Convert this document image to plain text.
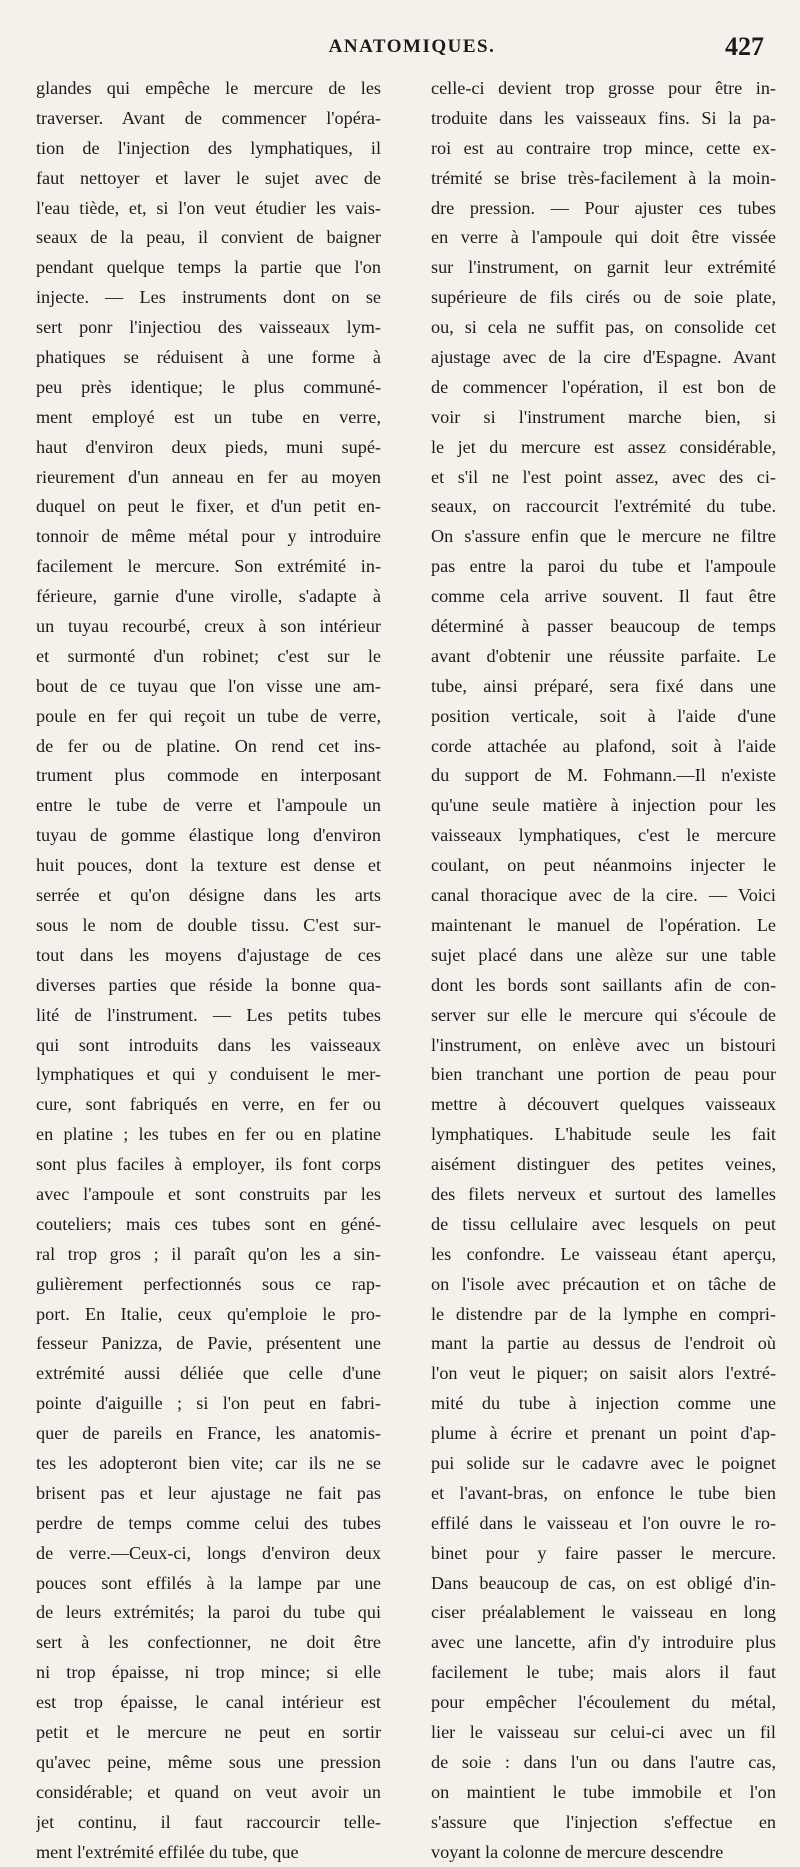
ANATOMIQUES.	427
glandes qui empêche le mercure de les
traverser. Avant de commencer l'opéra-
tion de l'injection des lymphatiques, il
faut nettoyer et laver le sujet avec de
l'eau tiède, et, si l'on veut étudier les vais-
seaux de la peau, il convient de baigner
pendant quelque temps la partie que l'on
injecte. — Les instruments dont on se
sert ponr l'injectiou des vaisseaux lym-
phatiques se réduisent à une forme à
peu près identique; le plus communé-
ment employé est un tube en verre,
haut d'environ deux pieds, muni supé-
rieurement d'un anneau en fer au moyen
duquel on peut le fixer, et d'un petit en-
tonnoir de même métal pour y introduire
facilement le mercure. Son extrémité in-
férieure, garnie d'une virolle, s'adapte à
un tuyau recourbé, creux à son intérieur
et surmonté d'un robinet; c'est sur le
bout de ce tuyau que l'on visse une am-
poule en fer qui reçoit un tube de verre,
de fer ou de platine. On rend cet ins-
trument plus commode en interposant
entre le tube de verre et l'ampoule un
tuyau de gomme élastique long d'environ
huit pouces, dont la texture est dense et
serrée et qu'on désigne dans les arts
sous le nom de double tissu. C'est sur-
tout dans les moyens d'ajustage de ces
diverses parties que réside la bonne qua-
lité de l'instrument. — Les petits tubes
qui sont introduits dans les vaisseaux
lymphatiques et qui y conduisent le mer-
cure, sont fabriqués en verre, en fer ou
en platine ; les tubes en fer ou en platine
sont plus faciles à employer, ils font corps
avec l'ampoule et sont construits par les
couteliers; mais ces tubes sont en géné-
ral trop gros ; il paraît qu'on les a sin-
gulièrement perfectionnés sous ce rap-
port. En Italie, ceux qu'emploie le pro-
fesseur Panizza, de Pavie, présentent une
extrémité aussi déliée que celle d'une
pointe d'aiguille ; si l'on peut en fabri-
quer de pareils en France, les anatomis-
tes les adopteront bien vite; car ils ne se
brisent pas et leur ajustage ne fait pas
perdre de temps comme celui des tubes
de verre.—Ceux-ci, longs d'environ deux
pouces sont effilés à la lampe par une
de leurs extrémités; la paroi du tube qui
sert à les confectionner, ne doit être
ni trop épaisse, ni trop mince; si elle
est trop épaisse, le canal intérieur est
petit et le mercure ne peut en sortir
qu'avec peine, même sous une pression
considérable; et quand on veut avoir un
jet continu, il faut raccourcir telle-
ment l'extrémité effilée du tube, que
celle-ci devient trop grosse pour être in-
troduite dans les vaisseaux fins. Si la pa-
roi est au contraire trop mince, cette ex-
trémité se brise très-facilement à la moin-
dre pression. — Pour ajuster ces tubes
en verre à l'ampoule qui doit être vissée
sur l'instrument, on garnit leur extrémité
supérieure de fils cirés ou de soie plate,
ou, si cela ne suffit pas, on consolide cet
ajustage avec de la cire d'Espagne. Avant
de commencer l'opération, il est bon de
voir si l'instrument marche bien, si
le jet du mercure est assez considérable,
et s'il ne l'est point assez, avec des ci-
seaux, on raccourcit l'extrémité du tube.
On s'assure enfin que le mercure ne filtre
pas entre la paroi du tube et l'ampoule
comme cela arrive souvent. Il faut être
déterminé à passer beaucoup de temps
avant d'obtenir une réussite parfaite. Le
tube, ainsi préparé, sera fixé dans une
position verticale, soit à l'aide d'une
corde attachée au plafond, soit à l'aide
du support de M. Fohmann.—Il n'existe
qu'une seule matière à injection pour les
vaisseaux lymphatiques, c'est le mercure
coulant, on peut néanmoins injecter le
canal thoracique avec de la cire. — Voici
maintenant le manuel de l'opération. Le
sujet placé dans une alèze sur une table
dont les bords sont saillants afin de con-
server sur elle le mercure qui s'écoule de
l'instrument, on enlève avec un bistouri
bien tranchant une portion de peau pour
mettre à découvert quelques vaisseaux
lymphatiques. L'habitude seule les fait
aisément distinguer des petites veines,
des filets nerveux et surtout des lamelles
de tissu cellulaire avec lesquels on peut
les confondre. Le vaisseau étant aperçu,
on l'isole avec précaution et on tâche de
le distendre par de la lymphe en compri-
mant la partie au dessus de l'endroit où
l'on veut le piquer; on saisit alors l'extré-
mité du tube à injection comme une
plume à écrire et prenant un point d'ap-
pui solide sur le cadavre avec le poignet
et l'avant-bras, on enfonce le tube bien
effilé dans le vaisseau et l'on ouvre le ro-
binet pour y faire passer le mercure.
Dans beaucoup de cas, on est obligé d'in-
ciser préalablement le vaisseau en long
avec une lancette, afin d'y introduire plus
facilement le tube; mais alors il faut
pour empêcher l'écoulement du métal,
lier le vaisseau sur celui-ci avec un fil
de soie : dans l'un ou dans l'autre cas,
on maintient le tube immobile et l'on
s'assure que l'injection s'effectue en
voyant la colonne de mercure descendre
